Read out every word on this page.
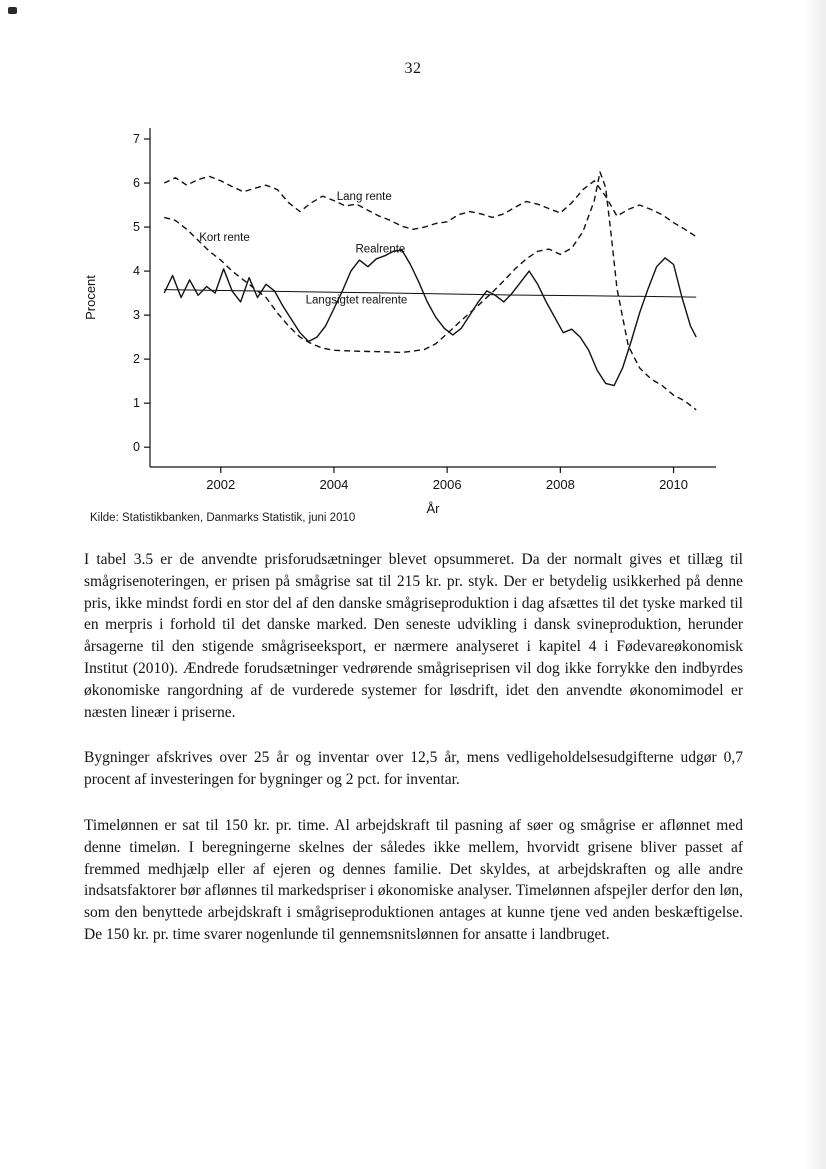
32
0
1
2
3
4
5
6
7
2002	2004	2006	2008	2010
Procent
År
Lang rente
Kort rente
Realrente
Langsigtet realrente
Kilde: Statistikbanken, Danmarks Statistik, juni 2010

I tabel 3.5 er de anvendte prisforudsætninger blevet opsummeret. Da der normalt gives et tillæg til smågrisenoteringen, er prisen på smågrise sat til 215 kr. pr. styk. Der er betydelig usikkerhed på denne pris, ikke mindst fordi en stor del af den danske smågriseproduktion i dag afsættes til det tyske marked til en merpris i forhold til det danske marked. Den seneste udvikling i dansk svineproduktion, herunder årsagerne til den stigende smågriseeksport, er nærmere analyseret i kapitel 4 i Fødevareøkonomisk Institut (2010). Ændrede forudsætninger vedrørende smågriseprisen vil dog ikke forrykke den indbyrdes økonomiske rangordning af de vurderede systemer for løsdrift, idet den anvendte økonomimodel er næsten lineær i priserne.

Bygninger afskrives over 25 år og inventar over 12,5 år, mens vedligeholdelsesudgifterne udgør 0,7 procent af investeringen for bygninger og 2 pct. for inventar.

Timelønnen er sat til 150 kr. pr. time. Al arbejdskraft til pasning af søer og smågrise er aflønnet med denne timeløn. I beregningerne skelnes der således ikke mellem, hvorvidt grisene bliver passet af fremmed medhjælp eller af ejeren og dennes familie. Det skyldes, at arbejdskraften og alle andre indsatsfaktorer bør aflønnes til markedspriser i økonomiske analyser. Timelønnen afspejler derfor den løn, som den benyttede arbejdskraft i smågriseproduktionen antages at kunne tjene ved anden beskæftigelse. De 150 kr. pr. time svarer nogenlunde til gennemsnitslønnen for ansatte i landbruget.
